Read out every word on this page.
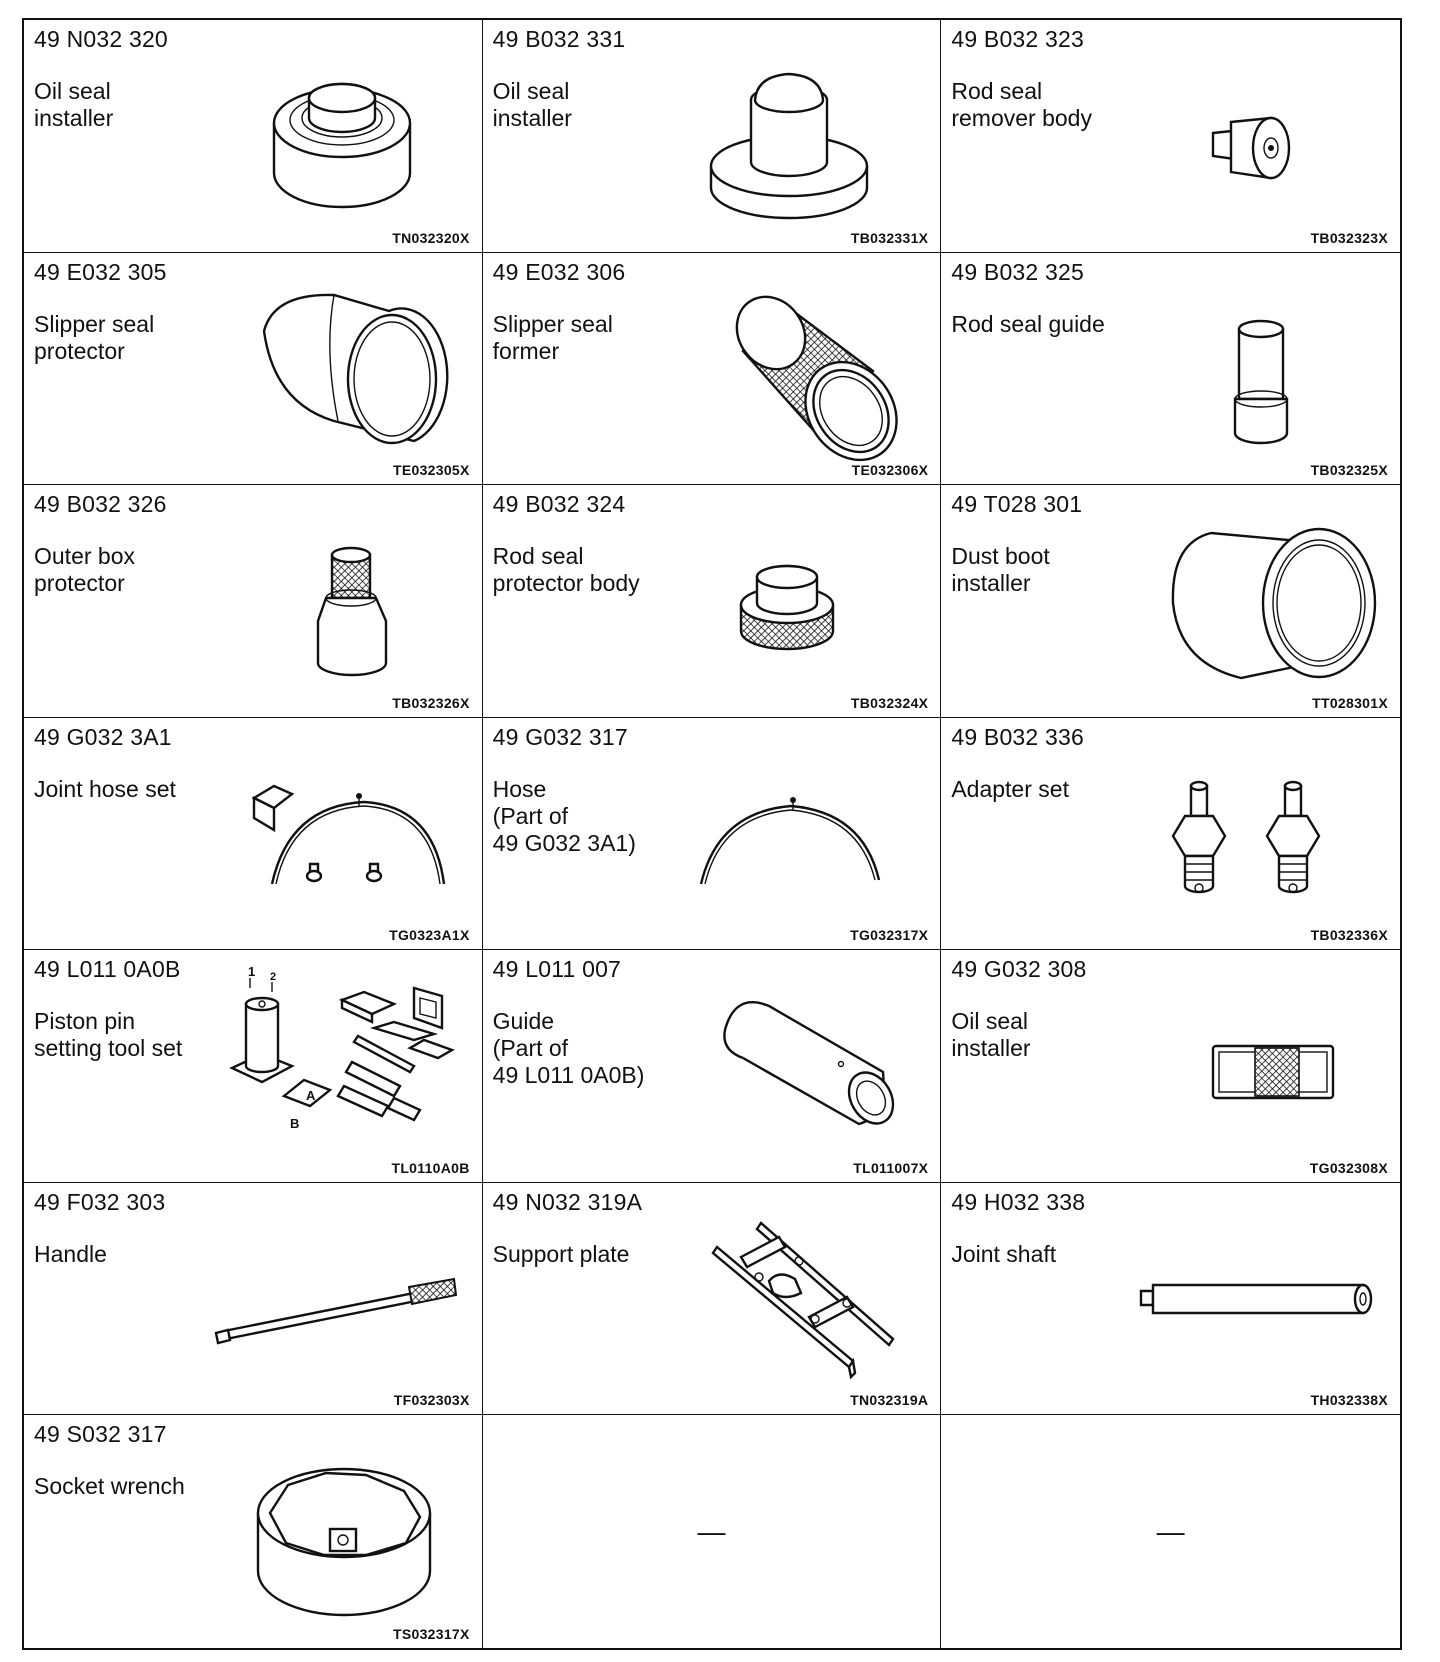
49 N032 320
Oil seal
installer
TN032320X
49 B032 331
Oil seal
installer
TB032331X
49 B032 323
Rod seal
remover body
TB032323X
49 E032 305
Slipper seal
protector
TE032305X
49 E032 306
Slipper seal
former
TE032306X
49 B032 325
Rod seal guide
TB032325X
49 B032 326
Outer box
protector
TB032326X
49 B032 324
Rod seal
protector body
TB032324X
49 T028 301
Dust boot
installer
TT028301X
49 G032 3A1
Joint hose set
TG0323A1X
49 G032 317
Hose
(Part of
49 G032 3A1)
TG032317X
49 B032 336
Adapter set
TB032336X
49 L011 0A0B
Piston pin
setting tool set
1 2
A
B
TL0110A0B
49 L011 007
Guide
(Part of
49 L011 0A0B)
TL011007X
49 G032 308
Oil seal
installer
TG032308X
49 F032 303
Handle
TF032303X
49 N032 319A
Support plate
TN032319A
49 H032 338
Joint shaft
TH032338X
49 S032 317
Socket wrench
TS032317X
—	—
